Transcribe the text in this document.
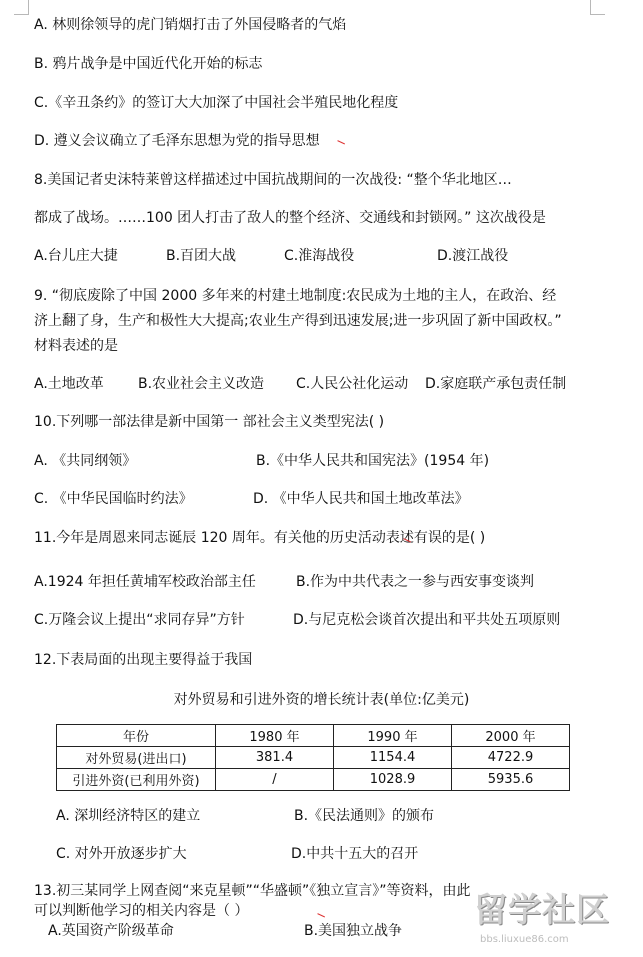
A. 林则徐领导的虎门销烟打击了外国侵略者的气焰
B. 鸦片战争是中国近代化开始的标志
C.《辛丑条约》的签订大大加深了中国社会半殖民地化程度
D. 遵义会议确立了毛泽东思想为党的指导思想
8.美国记者史沫特莱曾这样描述过中国抗战期间的一次战役: “整个华北地区…
都成了战场。……100 团人打击了敌人的整个经济、交通线和封锁网。” 这次战役是
A.台儿庄大捷	B.百团大战	C.淮海战役	D.渡江战役
9. “彻底废除了中国 2000 多年来的村建土地制度:农民成为土地的主人，在政治、经
济上翻了身，生产和极性大大提高;农业生产得到迅速发展;进一步巩固了新中国政权。”
材料表述的是
A.土地改革 B.农业社会主义改造 C.人民公社化运动 D.家庭联产承包责任制
10.下列哪一部法律是新中国第一 部社会主义类型宪法( )
A. 《共同纲领》	B.《中华人民共和国宪法》(1954 年)
C. 《中华民国临时约法》	D. 《中华人民共和国土地改革法》
11.今年是周恩来同志诞辰 120 周年。有关他的历史活动表述有误的是( )
A.1924 年担任黄埔军校政治部主任	B.作为中共代表之一参与西安事变谈判
C.万隆会议上提出“求同存异”方针	D.与尼克松会谈首次提出和平共处五项原则
12.下表局面的出现主要得益于我国
对外贸易和引进外资的增长统计表(单位:亿美元)
年份	1980 年	1990 年	2000 年
对外贸易(进出口)	381.4	1154.4	4722.9
引进外资(已利用外资)	/	1028.9	5935.6
A. 深圳经济特区的建立	B.《民法通则》的颁布
C. 对外开放逐步扩大	D.中共十五大的召开
13.初三某同学上网查阅“来克星顿”“华盛顿”《独立宣言》”等资料，由此
可以判断他学习的相关内容是（ ）
A.英国资产阶级革命	B.美国独立战争
留学社区
bbs.liuxue86.com
